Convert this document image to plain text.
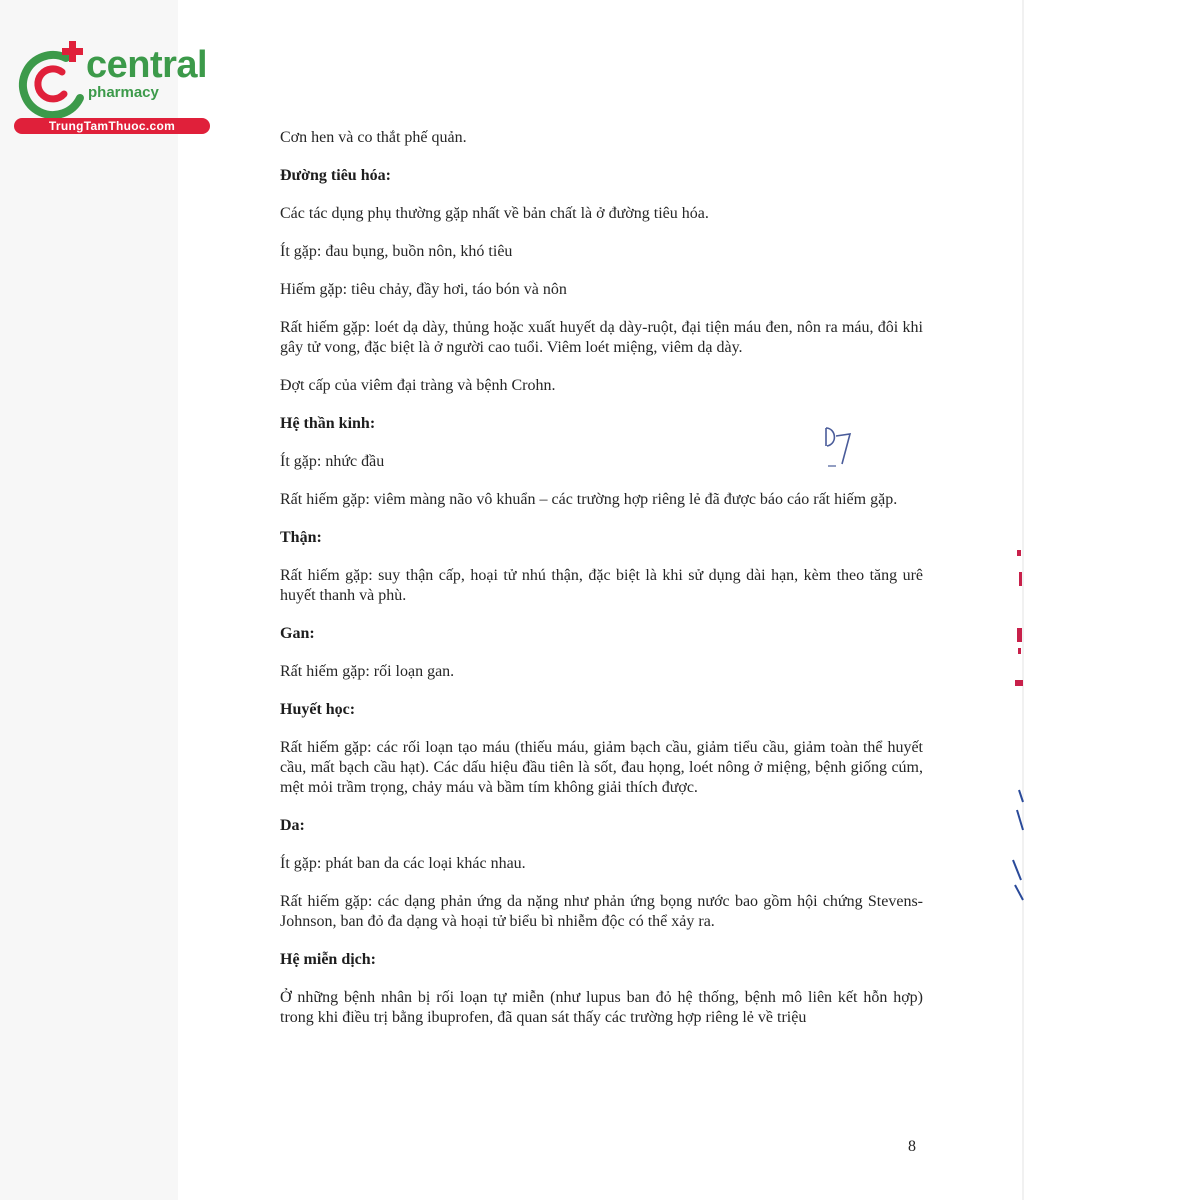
central
pharmacy
TrungTamThuoc.com

Cơn hen và co thắt phế quản.

Đường tiêu hóa:

Các tác dụng phụ thường gặp nhất về bản chất là ở đường tiêu hóa.

Ít gặp: đau bụng, buồn nôn, khó tiêu

Hiếm gặp: tiêu chảy, đầy hơi, táo bón và nôn

Rất hiếm gặp: loét dạ dày, thủng hoặc xuất huyết dạ dày-ruột, đại tiện máu đen, nôn ra máu, đôi khi gây tử vong, đặc biệt là ở người cao tuổi. Viêm loét miệng, viêm dạ dày.

Đợt cấp của viêm đại tràng và bệnh Crohn.

Hệ thần kinh:

Ít gặp: nhức đầu

Rất hiếm gặp: viêm màng não vô khuẩn – các trường hợp riêng lẻ đã được báo cáo rất hiếm gặp.

Thận:

Rất hiếm gặp: suy thận cấp, hoại tử nhú thận, đặc biệt là khi sử dụng dài hạn, kèm theo tăng urê huyết thanh và phù.

Gan:

Rất hiếm gặp: rối loạn gan.

Huyết học:

Rất hiếm gặp: các rối loạn tạo máu (thiếu máu, giảm bạch cầu, giảm tiểu cầu, giảm toàn thể huyết cầu, mất bạch cầu hạt). Các dấu hiệu đầu tiên là sốt, đau họng, loét nông ở miệng, bệnh giống cúm, mệt mỏi trầm trọng, chảy máu và bầm tím không giải thích được.

Da:

Ít gặp: phát ban da các loại khác nhau.

Rất hiếm gặp: các dạng phản ứng da nặng như phản ứng bọng nước bao gồm hội chứng Stevens-Johnson, ban đỏ đa dạng và hoại tử biểu bì nhiễm độc có thể xảy ra.

Hệ miễn dịch:

Ở những bệnh nhân bị rối loạn tự miễn (như lupus ban đỏ hệ thống, bệnh mô liên kết hỗn hợp) trong khi điều trị bằng ibuprofen, đã quan sát thấy các trường hợp riêng lẻ về triệu

8
